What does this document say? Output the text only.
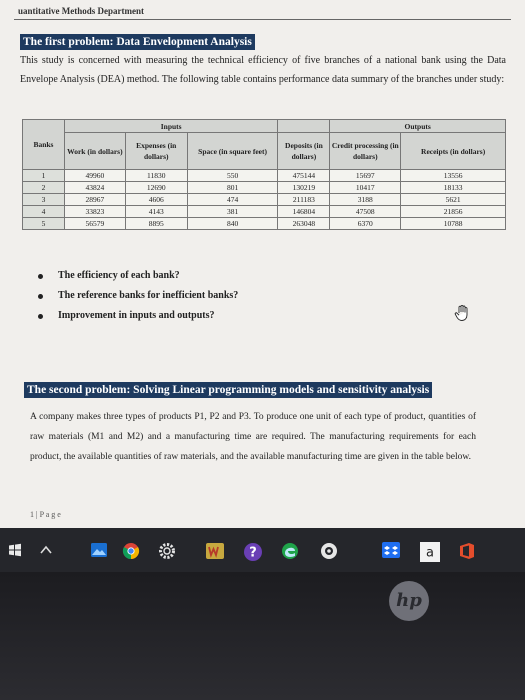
uantitative Methods Department
The first problem: Data Envelopment Analysis
This study is concerned with measuring the technical efficiency of five branches of a national bank using the Data Envelope Analysis (DEA) method. The following table contains performance data summary of the branches under study:
Banks	Inputs				Outputs	
	Work (in dollars)	Expenses (in dollars)	Space (in square feet)	Deposits (in dollars)	Credit processing (in dollars)	Receipts (in dollars)
1	49960	11830	550	475144	15697	13556
2	43824	12690	801	130219	10417	18133
3	28967	4606	474	211183	3188	5621
4	33823	4143	381	146804	47508	21856
5	56579	8895	840	263048	6370	10788
The efficiency of each bank?
The reference banks for inefficient banks?
Improvement in inputs and outputs?
The second problem: Solving Linear programming models and sensitivity analysis
A company makes three types of products P1, P2 and P3. To produce one unit of each type of product, quantities of raw materials (M1 and M2) and a manufacturing time are required. The manufacturing requirements for each product, the available quantities of raw materials, and the available manufacturing time are given in the table below.
1 | P a g e
?	a
hp
